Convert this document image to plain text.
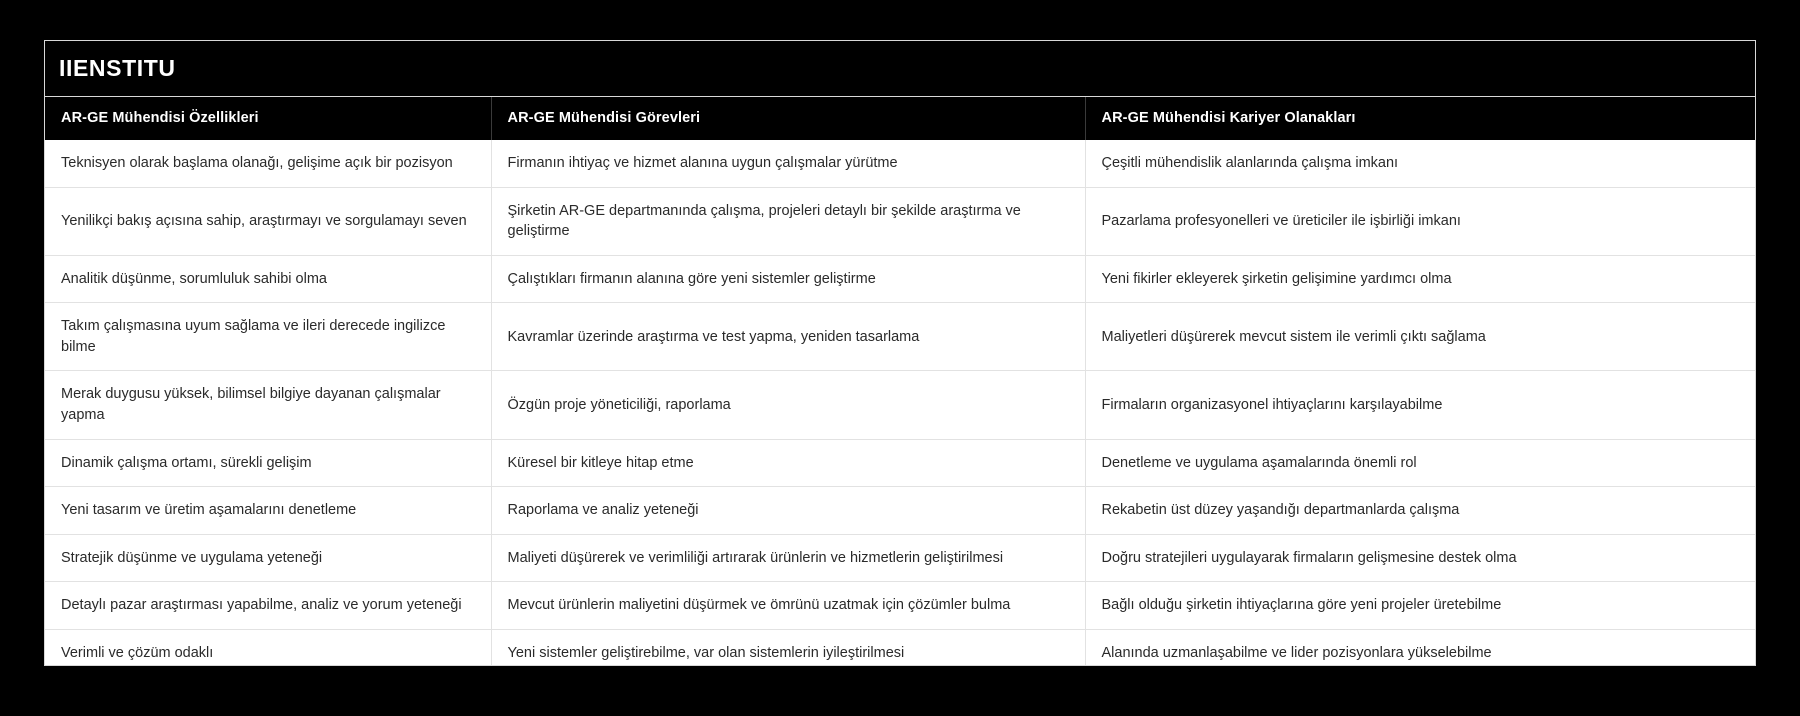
IIENSTITU
AR-GE Mühendisi Özellikleri	AR-GE Mühendisi Görevleri	AR-GE Mühendisi Kariyer Olanakları
Teknisyen olarak başlama olanağı, gelişime açık bir pozisyon	Firmanın ihtiyaç ve hizmet alanına uygun çalışmalar yürütme	Çeşitli mühendislik alanlarında çalışma imkanı
Yenilikçi bakış açısına sahip, araştırmayı ve sorgulamayı seven	Şirketin AR-GE departmanında çalışma, projeleri detaylı bir şekilde araştırma ve geliştirme	Pazarlama profesyonelleri ve üreticiler ile işbirliği imkanı
Analitik düşünme, sorumluluk sahibi olma	Çalıştıkları firmanın alanına göre yeni sistemler geliştirme	Yeni fikirler ekleyerek şirketin gelişimine yardımcı olma
Takım çalışmasına uyum sağlama ve ileri derecede ingilizce bilme	Kavramlar üzerinde araştırma ve test yapma, yeniden tasarlama	Maliyetleri düşürerek mevcut sistem ile verimli çıktı sağlama
Merak duygusu yüksek, bilimsel bilgiye dayanan çalışmalar yapma	Özgün proje yöneticiliği, raporlama	Firmaların organizasyonel ihtiyaçlarını karşılayabilme
Dinamik çalışma ortamı, sürekli gelişim	Küresel bir kitleye hitap etme	Denetleme ve uygulama aşamalarında önemli rol
Yeni tasarım ve üretim aşamalarını denetleme	Raporlama ve analiz yeteneği	Rekabetin üst düzey yaşandığı departmanlarda çalışma
Stratejik düşünme ve uygulama yeteneği	Maliyeti düşürerek ve verimliliği artırarak ürünlerin ve hizmetlerin geliştirilmesi	Doğru stratejileri uygulayarak firmaların gelişmesine destek olma
Detaylı pazar araştırması yapabilme, analiz ve yorum yeteneği	Mevcut ürünlerin maliyetini düşürmek ve ömrünü uzatmak için çözümler bulma	Bağlı olduğu şirketin ihtiyaçlarına göre yeni projeler üretebilme
Verimli ve çözüm odaklı	Yeni sistemler geliştirebilme, var olan sistemlerin iyileştirilmesi	Alanında uzmanlaşabilme ve lider pozisyonlara yükselebilme
